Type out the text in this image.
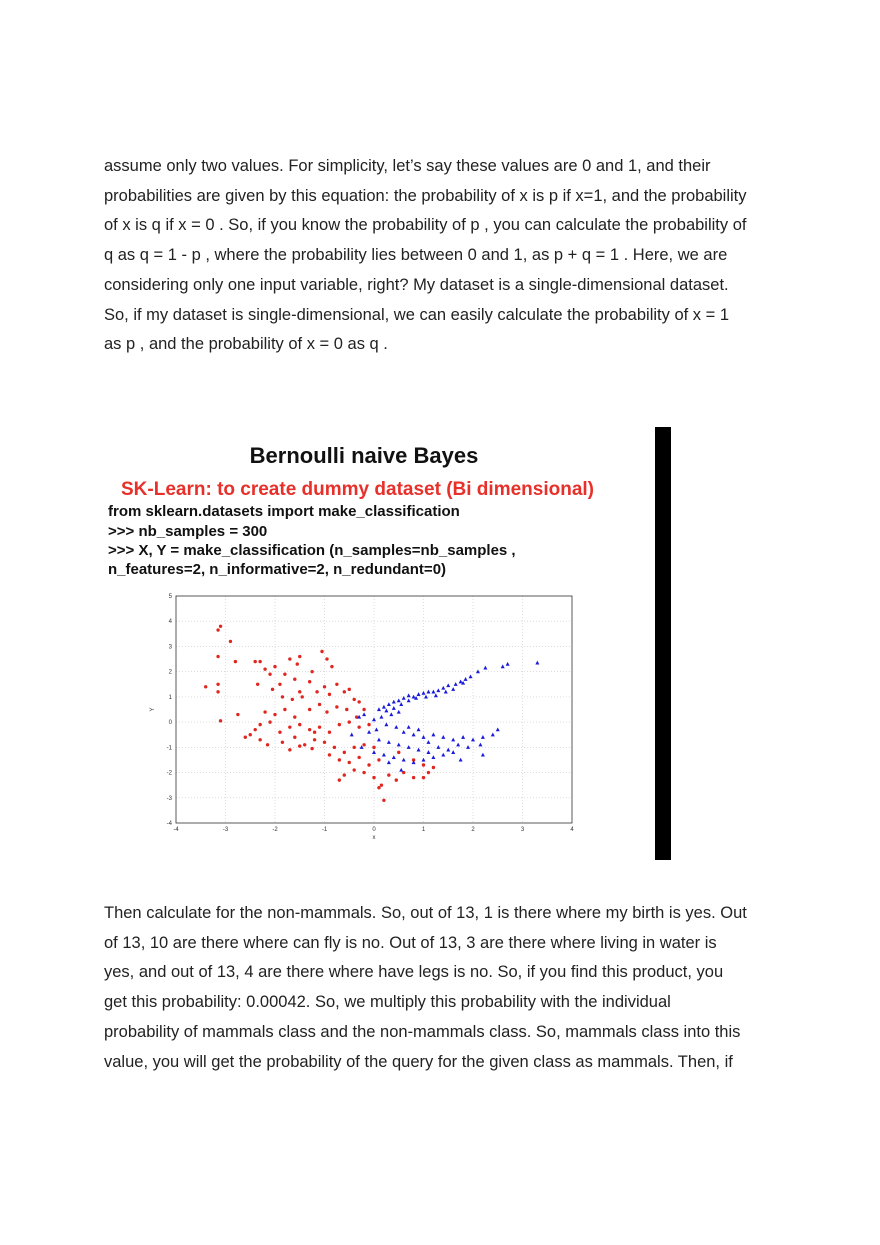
assume only two values. For simplicity, let’s say these values are 0 and 1, and their
probabilities are given by this equation: the probability of x is p if x=1, and the probability
of x is q if x = 0 . So, if you know the probability of p , you can calculate the probability of
q as q = 1 - p , where the probability lies between 0 and 1, as p + q = 1 . Here, we are
considering only one input variable, right? My dataset is a single-dimensional dataset.
So, if my dataset is single-dimensional, we can easily calculate the probability of x = 1
as p , and the probability of x = 0 as q .
Bernoulli naive Bayes
SK-Learn: to create dummy dataset (Bi dimensional)
from sklearn.datasets import make_classification
>>> nb_samples = 300
>>> X, Y = make_classification (n_samples=nb_samples ,
n_features=2, n_informative=2, n_redundant=0)
-4	-3	-2	-1	0	1	2	3	4
-4
-3
-2
-1
0
1
2
3
4
5
x
Y
Then calculate for the non-mammals. So, out of 13, 1 is there where my birth is yes. Out
of 13, 10 are there where can fly is no. Out of 13, 3 are there where living in water is
yes, and out of 13, 4 are there where have legs is no. So, if you find this product, you
get this probability: 0.00042. So, we multiply this probability with the individual
probability of mammals class and the non-mammals class. So, mammals class into this
value, you will get the probability of the query for the given class as mammals. Then, if
